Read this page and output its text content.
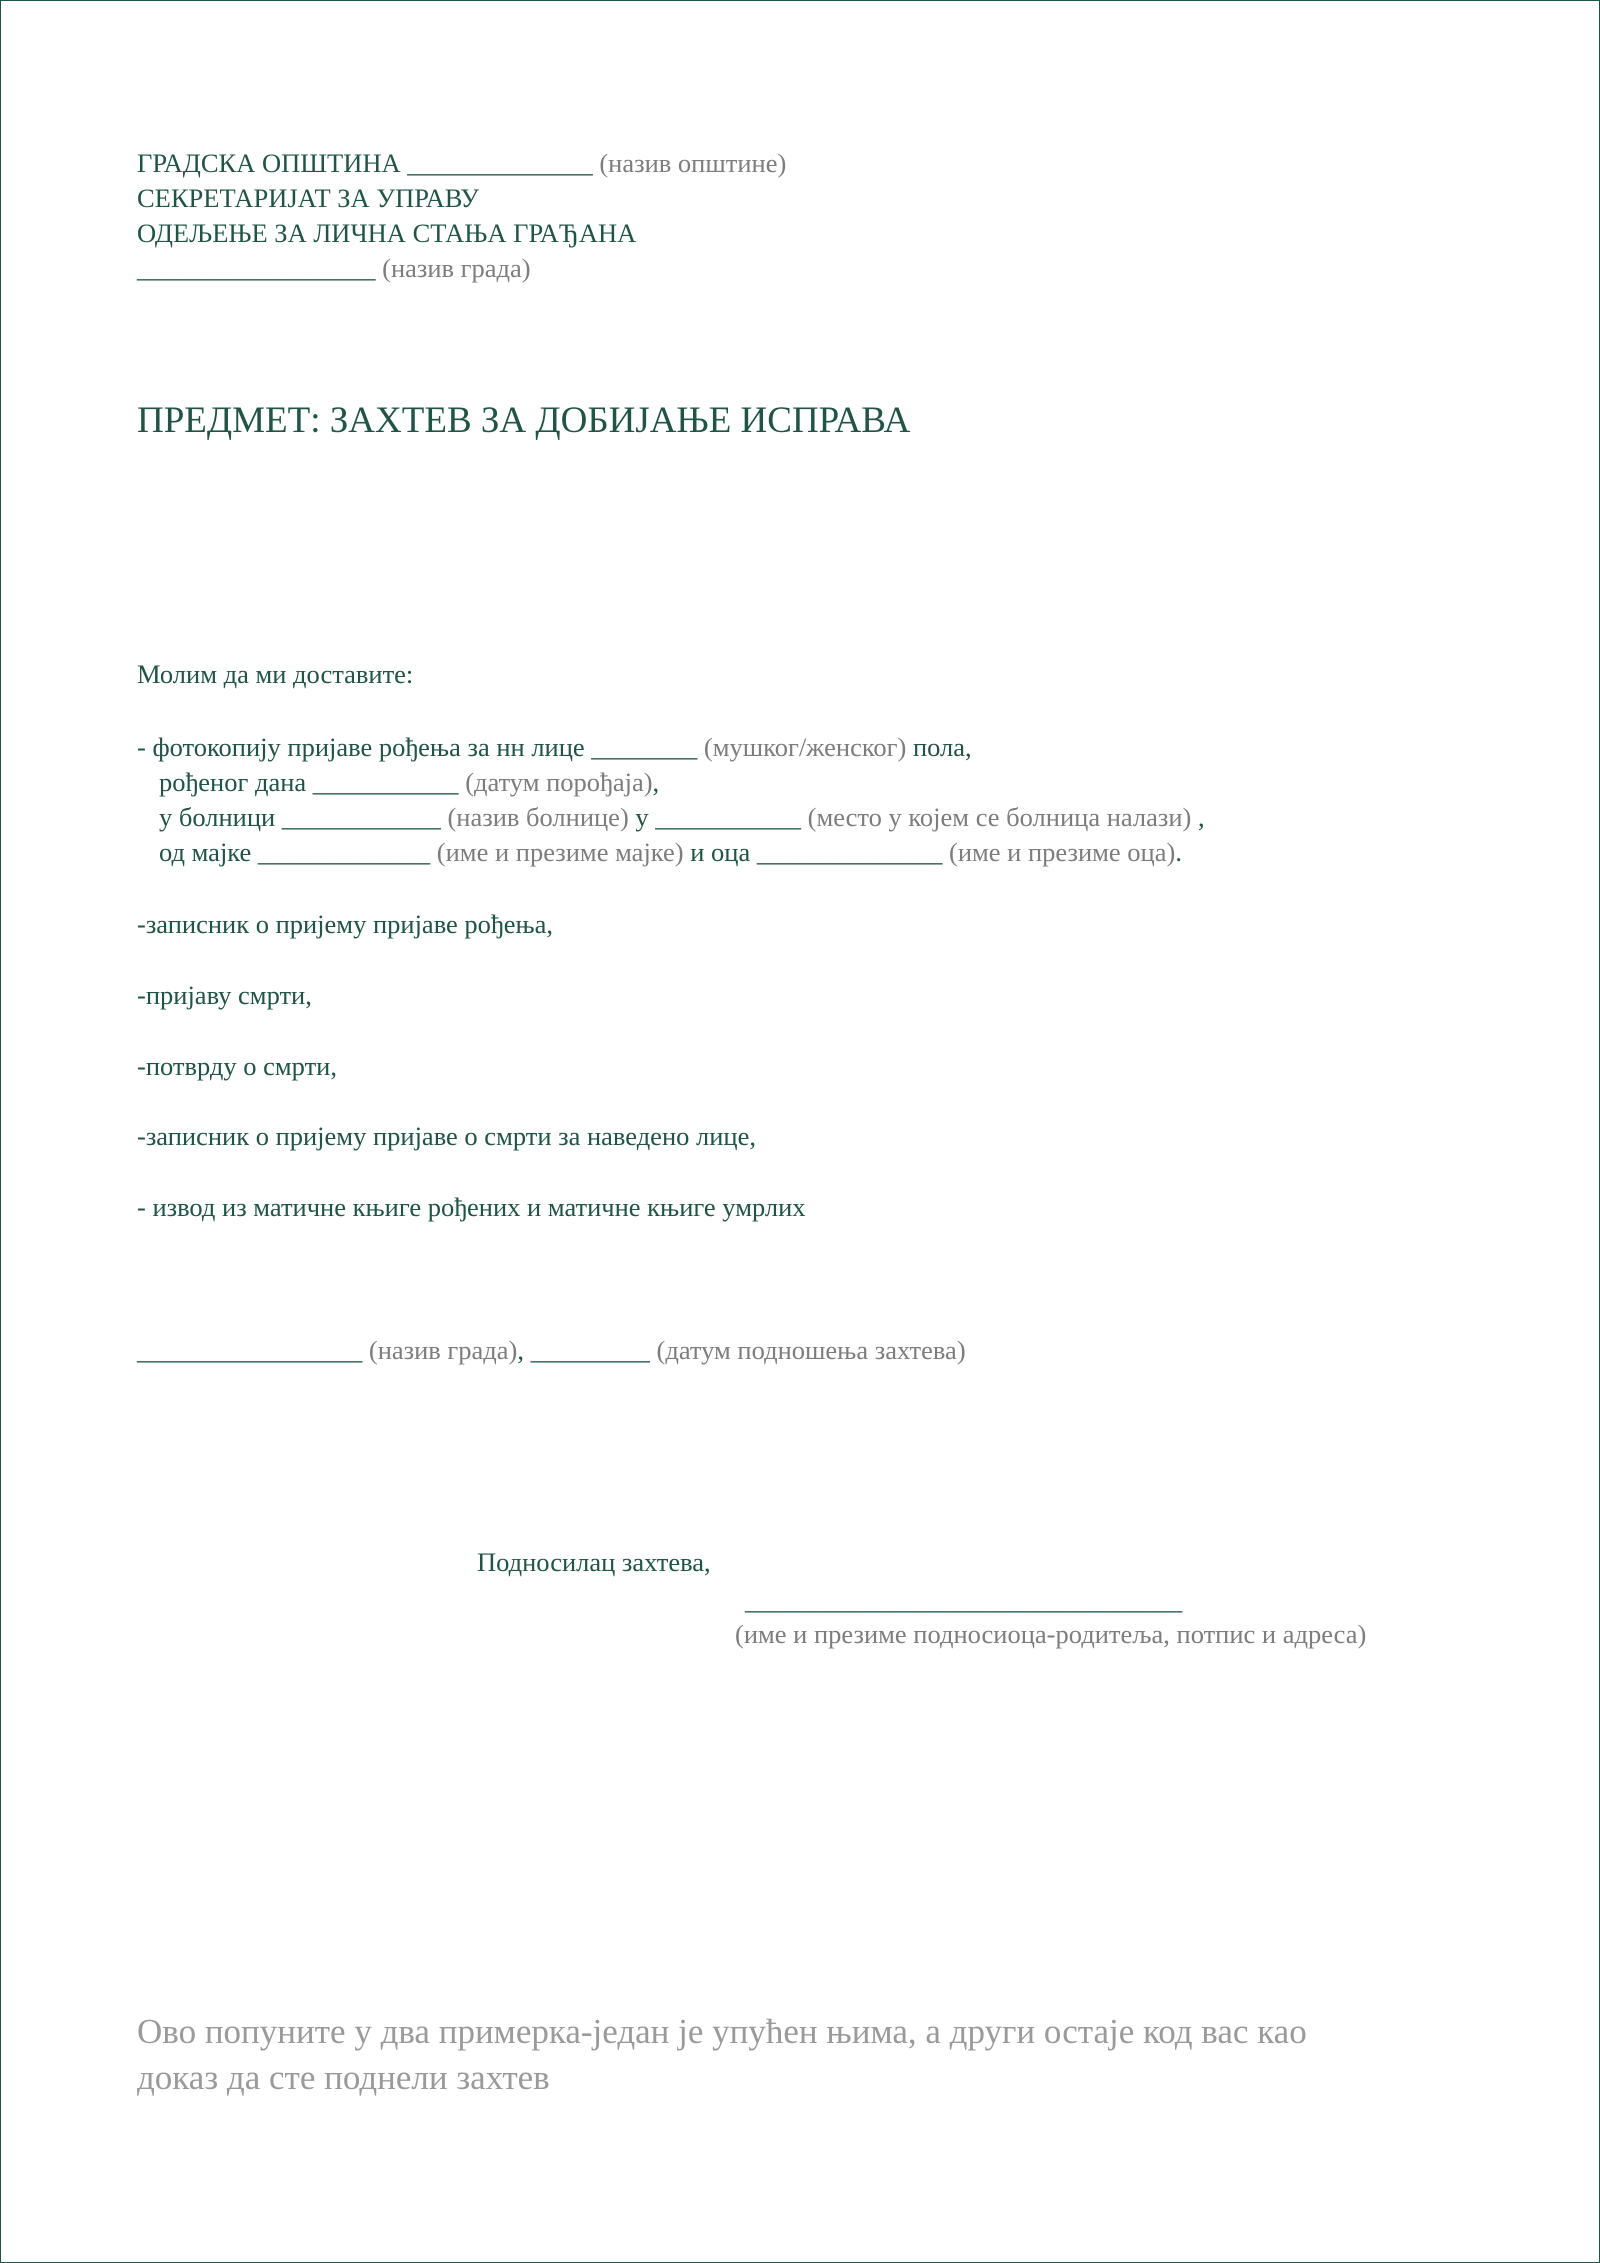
ГРАДСКА ОПШТИНА ______________ (назив општине)
СЕКРЕТАРИЈАТ ЗА УПРАВУ
ОДЕЉЕЊЕ ЗА ЛИЧНА СТАЊА ГРАЂАНА
__________________ (назив града)
ПРЕДМЕТ: ЗАХТЕВ ЗА ДОБИЈАЊЕ ИСПРАВА
Молим да ми доставите:
- фотокопију пријаве рођења за нн лице ________ (мушког/женског) пола,
рођеног дана ___________ (датум порођаја),
у болници ____________ (назив болнице) у ___________ (место у којем се болница налази) ,
од мајке _____________ (име и презиме мајке) и оца ______________ (име и презиме оца).
-записник о пријему пријаве рођења,
-пријаву смрти,
-потврду о смрти,
-записник о пријему пријаве о смрти за наведено лице,
- извод из матичне књиге рођених и матичне књиге умрлих
_________________ (назив града), _________ (датум подношења захтева)
Подносилац захтева,
_________________________________
(име и презиме подносиоца-родитеља, потпис и адреса)
Ово попуните у два примерка-један је упућен њима, а други остаје код вас као
доказ да сте поднели захтев
